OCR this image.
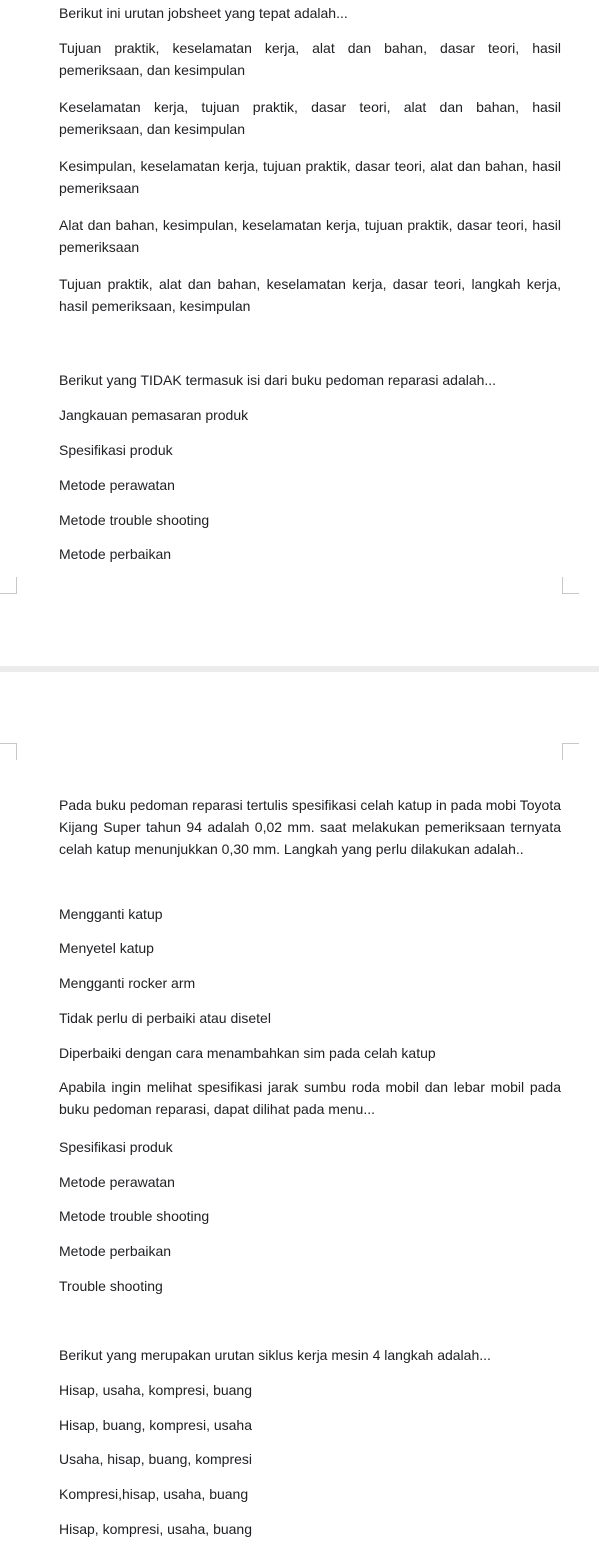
Berikut ini urutan jobsheet yang tepat adalah...

Tujuan praktik, keselamatan kerja, alat dan bahan, dasar teori, hasil pemeriksaan, dan kesimpulan

Keselamatan kerja, tujuan praktik, dasar teori, alat dan bahan, hasil pemeriksaan, dan kesimpulan

Kesimpulan, keselamatan kerja, tujuan praktik, dasar teori, alat dan bahan, hasil pemeriksaan

Alat dan bahan, kesimpulan, keselamatan kerja, tujuan praktik, dasar teori, hasil pemeriksaan

Tujuan praktik, alat dan bahan, keselamatan kerja, dasar teori, langkah kerja, hasil pemeriksaan, kesimpulan

Berikut yang TIDAK termasuk isi dari buku pedoman reparasi adalah...

Jangkauan pemasaran produk

Spesifikasi produk

Metode perawatan

Metode trouble shooting

Metode perbaikan

Pada buku pedoman reparasi tertulis spesifikasi celah katup in pada mobi Toyota Kijang Super tahun 94 adalah 0,02 mm. saat melakukan pemeriksaan ternyata celah katup menunjukkan 0,30 mm. Langkah yang perlu dilakukan adalah..

Mengganti katup

Menyetel katup

Mengganti rocker arm

Tidak perlu di perbaiki atau disetel

Diperbaiki dengan cara menambahkan sim pada celah katup

Apabila ingin melihat spesifikasi jarak sumbu roda mobil dan lebar mobil pada buku pedoman reparasi, dapat dilihat pada menu...

Spesifikasi produk

Metode perawatan

Metode trouble shooting

Metode perbaikan

Trouble shooting

Berikut yang merupakan urutan siklus kerja mesin 4 langkah adalah...

Hisap, usaha, kompresi, buang

Hisap, buang, kompresi, usaha

Usaha, hisap, buang, kompresi

Kompresi,hisap, usaha, buang

Hisap, kompresi, usaha, buang
